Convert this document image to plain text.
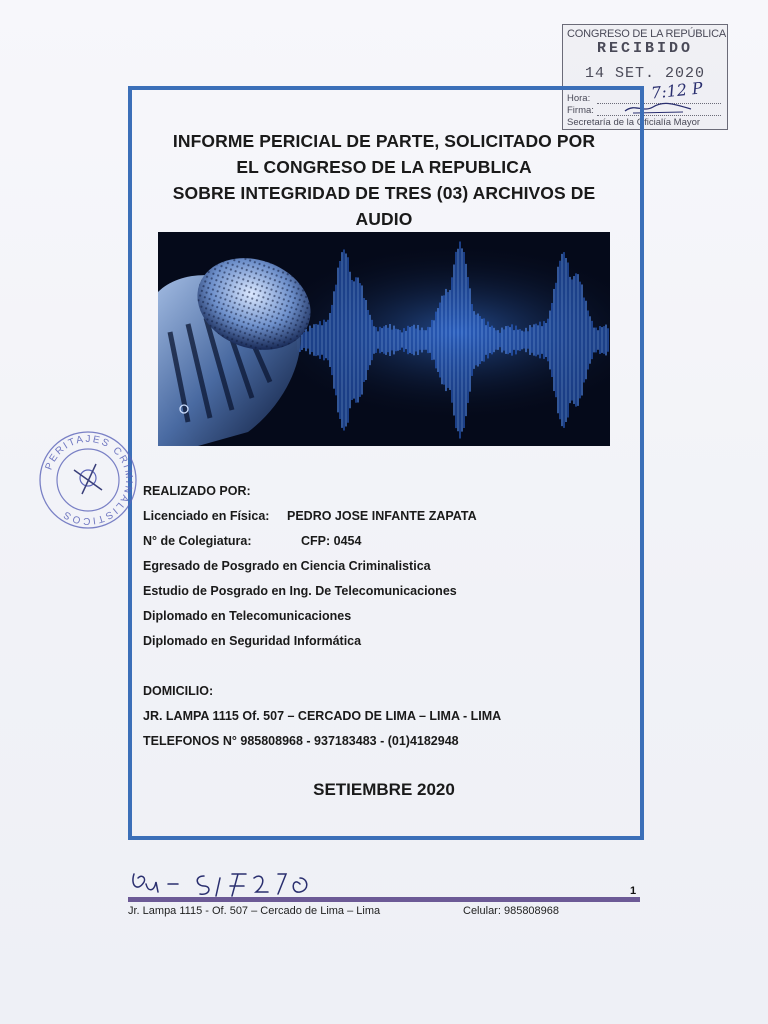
CONGRESO DE LA REPÚBLICA
RECIBIDO
14 SET. 2020
7:12 P
Hora:
Firma:
Secretaría de la Oficialía Mayor
INFORME PERICIAL DE PARTE, SOLICITADO POR
EL CONGRESO DE LA REPUBLICA
SOBRE INTEGRIDAD DE TRES (03) ARCHIVOS DE
AUDIO
PERITAJES CRIMINALISTICOS
REALIZADO POR:
Licenciado en Física: PEDRO JOSE INFANTE ZAPATA
N° de Colegiatura:	CFP: 0454
Egresado de Posgrado en Ciencia Criminalistica
Estudio de Posgrado en Ing. De Telecomunicaciones
Diplomado en Telecomunicaciones
Diplomado en Seguridad Informática
DOMICILIO:
JR. LAMPA 1115 Of. 507 – CERCADO DE LIMA – LIMA - LIMA
TELEFONOS N° 985808968 - 937183483 - (01)4182948
SETIEMBRE 2020
1
Jr. Lampa 1115 - Of. 507 – Cercado de Lima – Lima	Celular: 985808968
